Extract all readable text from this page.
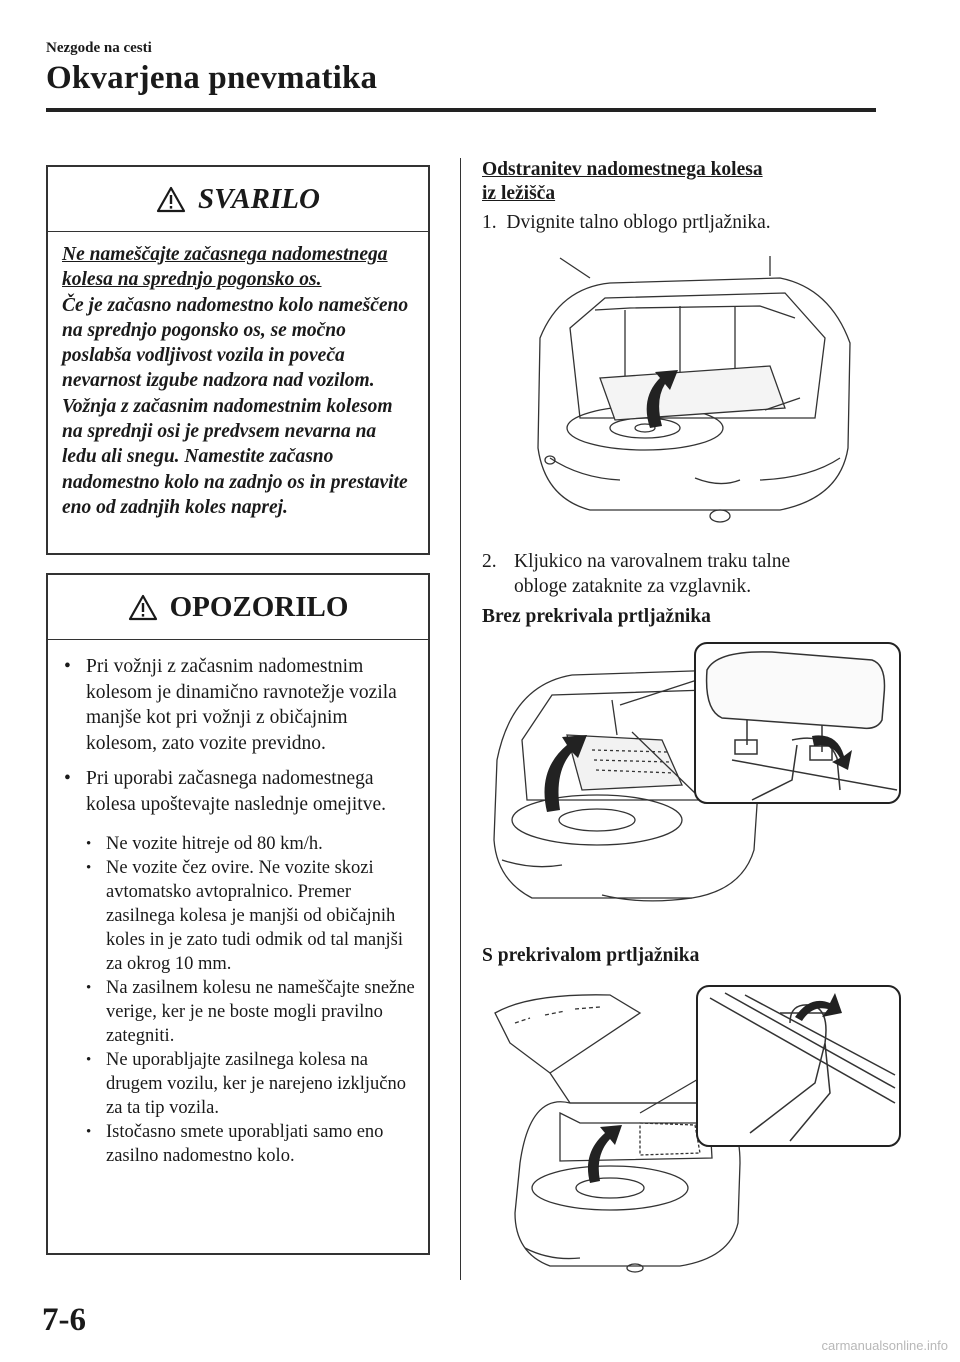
Nezgode na cesti
Okvarjena pnevmatika
SVARILO
Ne nameščajte začasnega nadomestnega kolesa na sprednjo pogonsko os.
Če je začasno nadomestno kolo nameščeno na sprednjo pogonsko os, se močno poslabša vodljivost vozila in poveča nevarnost izgube nadzora nad vozilom. Vožnja z začasnim nadomestnim kolesom na sprednji osi je predvsem nevarna na ledu ali snegu. Namestite začasno nadomestno kolo na zadnjo os in prestavite eno od zadnjih koles naprej.
OPOZORILO
• Pri vožnji z začasnim nadomestnim kolesom je dinamično ravnotežje vozila manjše kot pri vožnji z običajnim kolesom, zato vozite previdno.
• Pri uporabi začasnega nadomestnega kolesa upoštevajte naslednje omejitve.
• Ne vozite hitreje od 80 km/h.
• Ne vozite čez ovire. Ne vozite skozi avtomatsko avtopralnico. Premer zasilnega kolesa je manjši od običajnih koles in je zato tudi odmik od tal manjši za okrog 10 mm.
• Na zasilnem kolesu ne nameščajte snežne verige, ker je ne boste mogli pravilno zategniti.
• Ne uporabljajte zasilnega kolesa na drugem vozilu, ker je narejeno izključno za ta tip vozila.
• Istočasno smete uporabljati samo eno zasilno nadomestno kolo.
Odstranitev nadomestnega kolesa
iz ležišča
1. Dvignite talno oblogo prtljažnika.
2. Kljukico na varovalnem traku talne
obloge zataknite za vzglavnik.
Brez prekrivala prtljažnika
S prekrivalom prtljažnika
7-6
carmanualsonline.info
